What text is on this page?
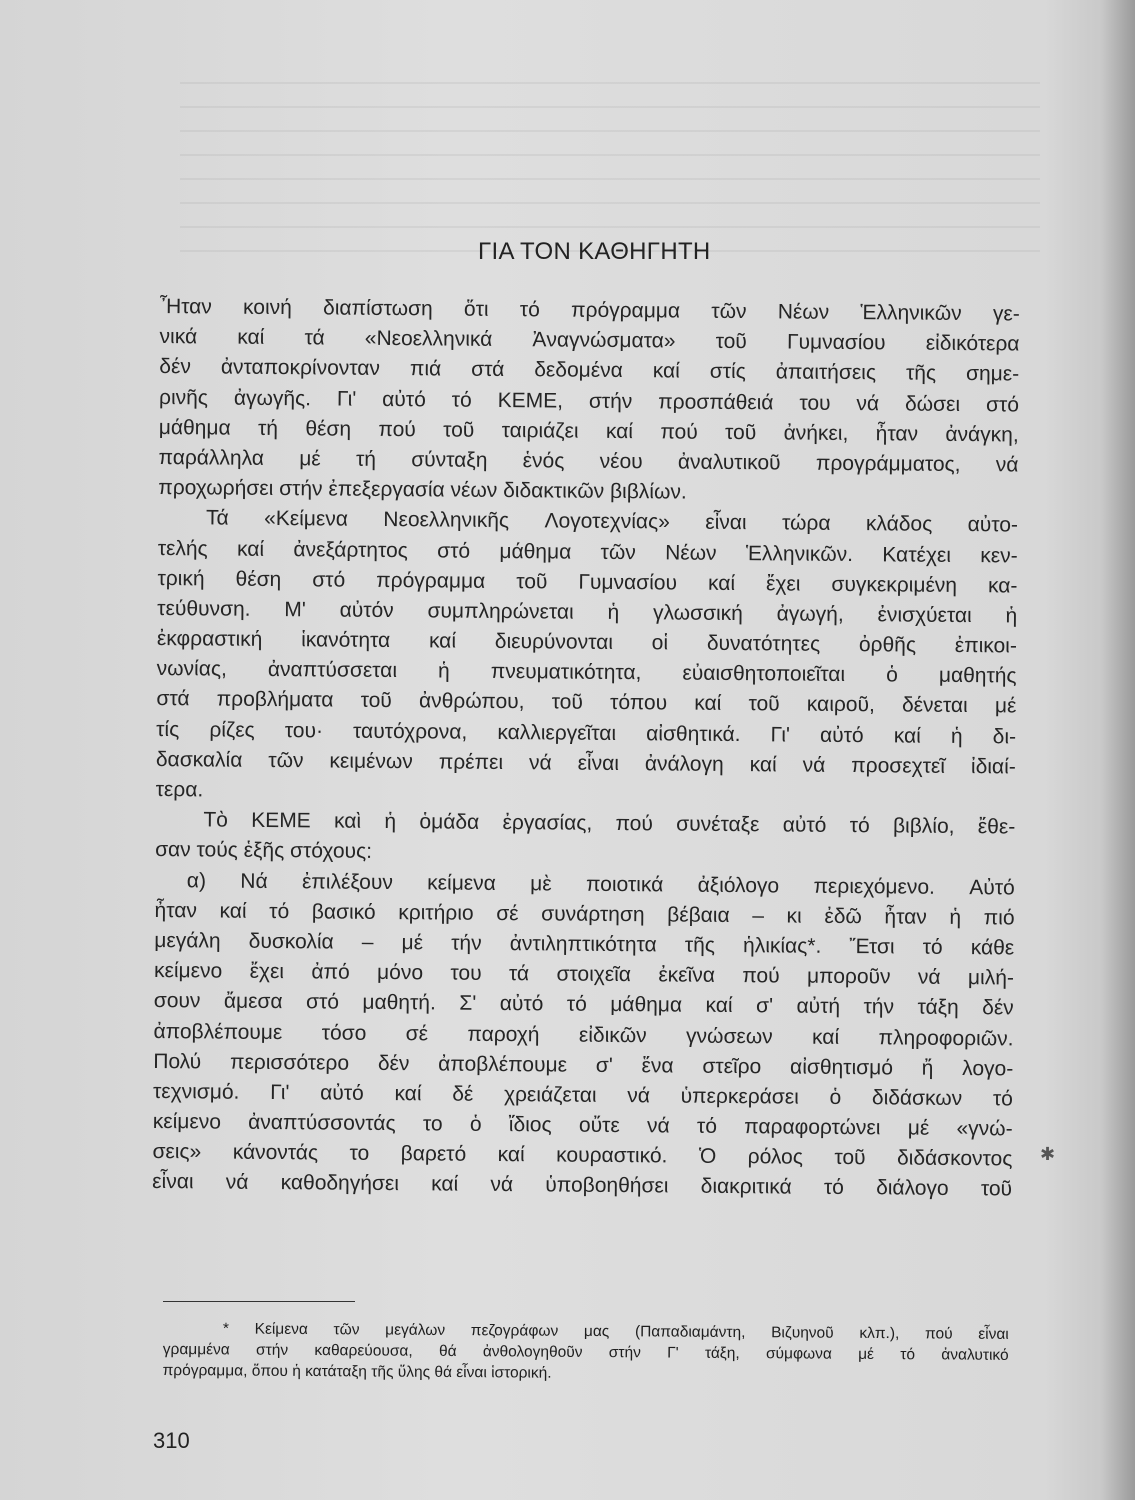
ΓΙΑ ΤΟΝ ΚΑΘΗΓΗΤΗ
Ἦταν κοινή διαπίστωση ὅτι τό πρόγραμμα τῶν Νέων Ἑλληνικῶν γε-
νικά καί τά «Νεοελληνικά Ἀναγνώσματα» τοῦ Γυμνασίου εἰδικότερα
δέν ἀνταποκρίνονταν πιά στά δεδομένα καί στίς ἀπαιτήσεις τῆς σημε-
ρινῆς ἀγωγῆς. Γι' αὐτό τό ΚΕΜΕ, στήν προσπάθειά του νά δώσει στό
μάθημα τή θέση πού τοῦ ταιριάζει καί πού τοῦ ἀνήκει, ἦταν ἀνάγκη,
παράλληλα μέ τή σύνταξη ἑνός νέου ἀναλυτικοῦ προγράμματος, νά
προχωρήσει στήν ἐπεξεργασία νέων διδακτικῶν βιβλίων.
Τά «Κείμενα Νεοελληνικῆς Λογοτεχνίας» εἶναι τώρα κλάδος αὐτο-
τελής καί ἀνεξάρτητος στό μάθημα τῶν Νέων Ἑλληνικῶν. Κατέχει κεν-
τρική θέση στό πρόγραμμα τοῦ Γυμνασίου καί ἔχει συγκεκριμένη κα-
τεύθυνση. Μ' αὐτόν συμπληρώνεται ἡ γλωσσική ἀγωγή, ἐνισχύεται ἡ
ἐκφραστική ἱκανότητα καί διευρύνονται οἱ δυνατότητες ὀρθῆς ἐπικοι-
νωνίας, ἀναπτύσσεται ἡ πνευματικότητα, εὐαισθητοποιεῖται ὁ μαθητής
στά προβλήματα τοῦ ἀνθρώπου, τοῦ τόπου καί τοῦ καιροῦ, δένεται μέ
τίς ρίζες του· ταυτόχρονα, καλλιεργεῖται αἰσθητικά. Γι' αὐτό καί ἡ δι-
δασκαλία τῶν κειμένων πρέπει νά εἶναι ἀνάλογη καί νά προσεχτεῖ ἰδιαί-
τερα.
Τὸ ΚΕΜΕ καὶ ἡ ὁμάδα ἐργασίας, πού συνέταξε αὐτό τό βιβλίο, ἔθε-
σαν τούς ἑξῆς στόχους:
α) Νά ἐπιλέξουν κείμενα μὲ ποιοτικά ἀξιόλογο περιεχόμενο. Αὐτό
ἦταν καί τό βασικό κριτήριο σέ συνάρτηση βέβαια – κι ἐδῶ ἦταν ἡ πιό
μεγάλη δυσκολία – μέ τήν ἀντιληπτικότητα τῆς ἡλικίας*. Ἔτσι τό κάθε
κείμενο ἔχει ἀπό μόνο του τά στοιχεῖα ἐκεῖνα πού μποροῦν νά μιλή-
σουν ἄμεσα στό μαθητή. Σ' αὐτό τό μάθημα καί σ' αὐτή τήν τάξη δέν
ἀποβλέπουμε τόσο σέ παροχή εἰδικῶν γνώσεων καί πληροφοριῶν.
Πολύ περισσότερο δέν ἀποβλέπουμε σ' ἕνα στεῖρο αἰσθητισμό ἤ λογο-
τεχνισμό. Γι' αὐτό καί δέ χρειάζεται νά ὑπερκεράσει ὁ διδάσκων τό
κείμενο ἀναπτύσσοντάς το ὁ ἴδιος οὔτε νά τό παραφορτώνει μέ «γνώ-
σεις» κάνοντάς το βαρετό καί κουραστικό. Ὁ ρόλος τοῦ διδάσκοντος
εἶναι νά καθοδηγήσει καί νά ὑποβοηθήσει διακριτικά τό διάλογο τοῦ
* Κείμενα τῶν μεγάλων πεζογράφων μας (Παπαδιαμάντη, Βιζυηνοῦ κλπ.), πού εἶναι
γραμμένα στήν καθαρεύουσα, θά ἀνθολογηθοῦν στήν Γ' τάξη, σύμφωνα μέ τό ἀναλυτικό
πρόγραμμα, ὅπου ἡ κατάταξη τῆς ὕλης θά εἶναι ἱστορική.
310
✱
